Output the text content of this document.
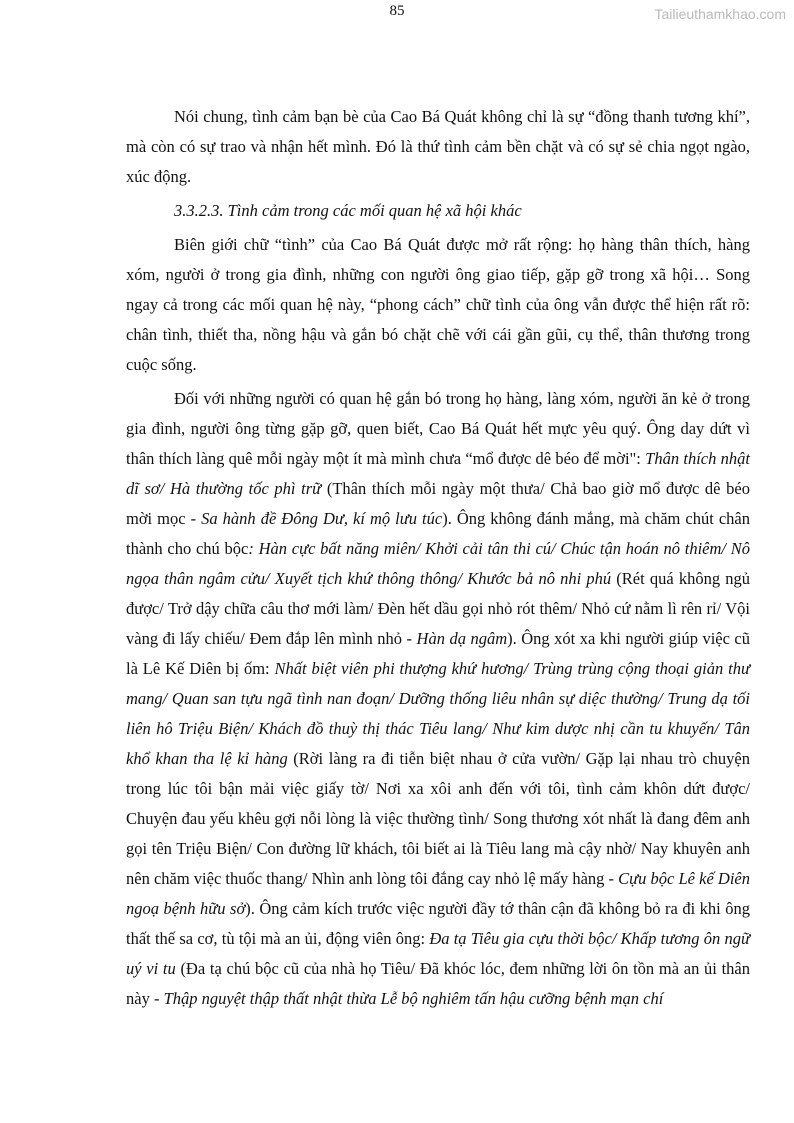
85	Tailieuthamkhao.com

Nói chung, tình cảm bạn bè của Cao Bá Quát không chỉ là sự “đồng thanh tương khí”, mà còn có sự trao và nhận hết mình. Đó là thứ tình cảm bền chặt và có sự sẻ chia ngọt ngào, xúc động.

3.3.2.3. Tình cảm trong các mối quan hệ xã hội khác

Biên giới chữ “tình” của Cao Bá Quát được mở rất rộng: họ hàng thân thích, hàng xóm, người ở trong gia đình, những con người ông giao tiếp, gặp gỡ trong xã hội… Song ngay cả trong các mối quan hệ này, “phong cách” chữ tình của ông vẫn được thể hiện rất rõ: chân tình, thiết tha, nồng hậu và gắn bó chặt chẽ với cái gần gũi, cụ thể, thân thương trong cuộc sống.

Đối với những người có quan hệ gắn bó trong họ hàng, làng xóm, người ăn kẻ ở trong gia đình, người ông từng gặp gỡ, quen biết, Cao Bá Quát hết mực yêu quý. Ông day dứt vì thân thích làng quê mỗi ngày một ít mà mình chưa “mổ được dê béo để mời": Thân thích nhật dĩ sơ/ Hà thường tốc phì trữ (Thân thích mỗi ngày một thưa/ Chả bao giờ mổ được dê béo mời mọc - Sa hành đề Đông Dư, kí mộ lưu túc). Ông không đánh mắng, mà chăm chút chân thành cho chú bộc: Hàn cực bất năng miên/ Khởi cải tân thi cú/ Chúc tận hoán nô thiêm/ Nô ngọa thân ngâm cửu/ Xuyết tịch khứ thông thông/ Khước bả nô nhi phú (Rét quá không ngủ được/ Trở dậy chữa câu thơ mới làm/ Đèn hết dầu gọi nhỏ rót thêm/ Nhỏ cứ nằm lì rên rỉ/ Vội vàng đi lấy chiếu/ Đem đắp lên mình nhỏ - Hàn dạ ngâm). Ông xót xa khi người giúp việc cũ là Lê Kế Diên bị ốm: Nhất biệt viên phi thượng khứ hương/ Trùng trùng cộng thoại giản thư mang/ Quan san tựu ngã tình nan đoạn/ Dưỡng thống liêu nhân sự diệc thường/ Trung dạ tối liên hô Triệu Biện/ Khách đồ thuỳ thị thác Tiêu lang/ Như kim dược nhị cần tu khuyến/ Tân khổ khan tha lệ kỉ hàng (Rời làng ra đi tiễn biệt nhau ở cửa vườn/ Gặp lại nhau trò chuyện trong lúc tôi bận mải việc giấy tờ/ Nơi xa xôi anh đến với tôi, tình cảm khôn dứt được/ Chuyện đau yếu khêu gợi nỗi lòng là việc thường tình/ Song thương xót nhất là đang đêm anh gọi tên Triệu Biện/ Con đường lữ khách, tôi biết ai là Tiêu lang mà cậy nhờ/ Nay khuyên anh nên chăm việc thuốc thang/ Nhìn anh lòng tôi đắng cay nhỏ lệ mấy hàng - Cựu bộc Lê kế Diên ngoạ bệnh hữu sở). Ông cảm kích trước việc người đầy tớ thân cận đã không bỏ ra đi khi ông thất thế sa cơ, tù tội mà an ủi, động viên ông: Đa tạ Tiêu gia cựu thời bộc/ Khấp tương ôn ngữ uý vi tu (Đa tạ chú bộc cũ của nhà họ Tiêu/ Đã khóc lóc, đem những lời ôn tồn mà an ủi thân này - Thập nguyệt thập thất nhật thừa Lễ bộ nghiêm tấn hậu cưỡng bệnh mạn chí
